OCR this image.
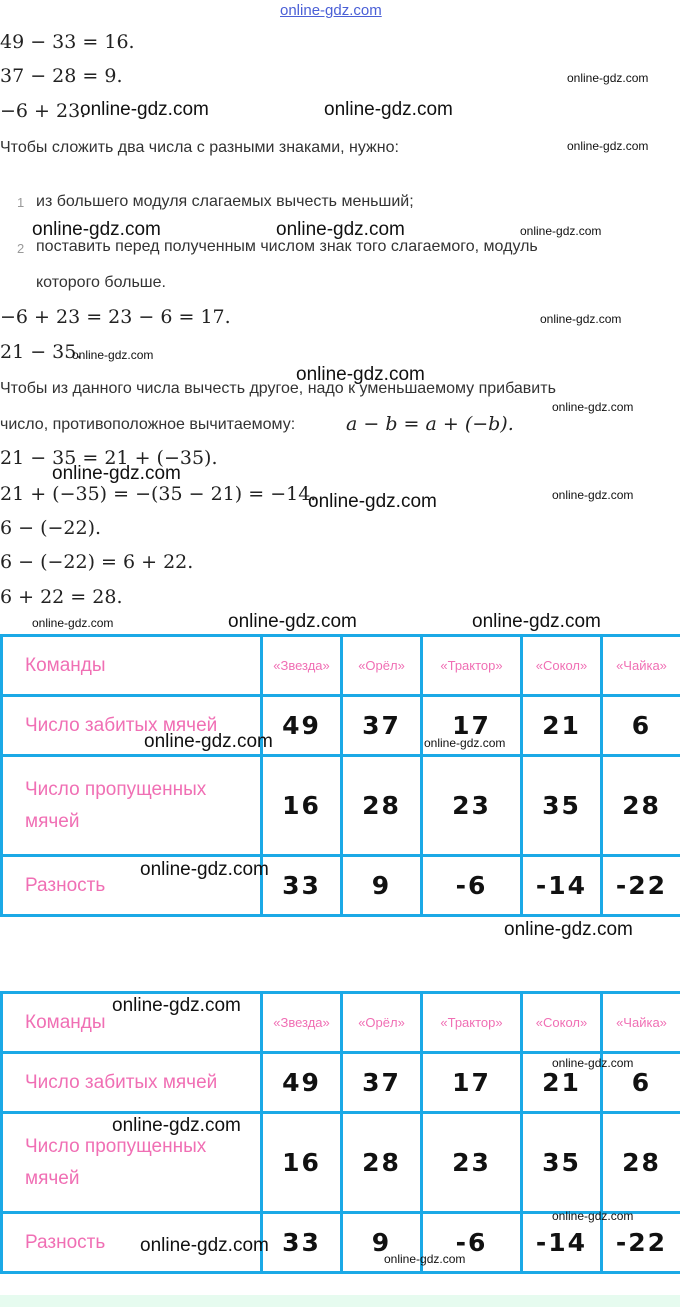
online-gdz.com
49 − 33 = 16.
37 − 28 = 9.	online-gdz.com
−6 + 23.
online-gdz.com	online-gdz.com
Чтобы сложить два числа с разными знаками, нужно:	online-gdz.com
1 из большего модуля слагаемых вычесть меньший;
online-gdz.com	online-gdz.com	online-gdz.com
2 поставить перед полученным числом знак того слагаемого, модуль
которого больше.
−6 + 23 = 23 − 6 = 17.	online-gdz.com
21 − 35.
online-gdz.com
online-gdz.com
Чтобы из данного числа вычесть другое, надо к уменьшаемому прибавить
online-gdz.com
число, противоположное вычитаемому:	a − b = a + (−b).
21 − 35 = 21 + (−35).
online-gdz.com
21 + (−35) = −(35 − 21) = −14.
online-gdz.com	online-gdz.com
6 − (−22).
6 − (−22) = 6 + 22.
6 + 22 = 28.
online-gdz.com	online-gdz.com	online-gdz.com
Команды	«Звезда»	«Орёл»	«Трактор»	«Сокол»	«Чайка»
Число забитых мячей	49	37	17	21	6
Число пропущенных
мячей	16	28	23	35	28
Разность	33	9	-6	-14	-22
online-gdz.com	online-gdz.com
online-gdz.com
online-gdz.com
Команды	«Звезда»	«Орёл»	«Трактор»	«Сокол»	«Чайка»
Число забитых мячей	49	37	17	21	6
Число пропущенных
мячей	16	28	23	35	28
Разность	33	9	-6	-14	-22
online-gdz.com
online-gdz.com
online-gdz.com
online-gdz.com
online-gdz.com
online-gdz.com
